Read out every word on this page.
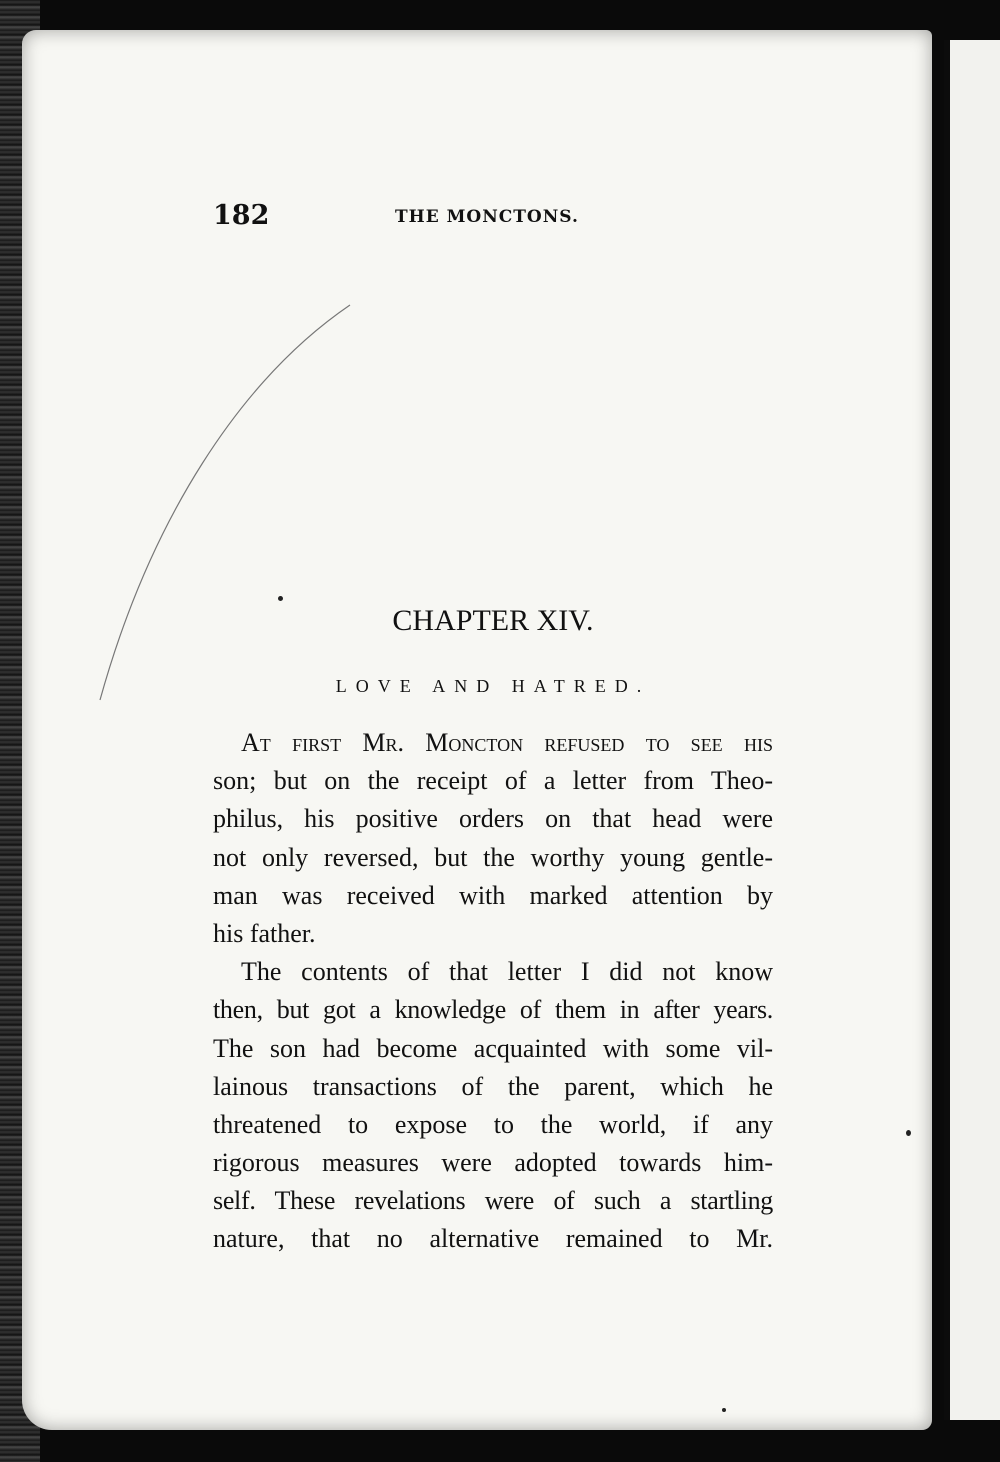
182	THE MONCTONS.
CHAPTER XIV.
LOVE AND HATRED.
At first Mr. Moncton refused to see his
son; but on the receipt of a letter from Theo-
philus, his positive orders on that head were
not only reversed, but the worthy young gentle-
man was received with marked attention by
his father.
The contents of that letter I did not know
then, but got a knowledge of them in after years.
The son had become acquainted with some vil-
lainous transactions of the parent, which he
threatened to expose to the world, if any
rigorous measures were adopted towards him-
self. These revelations were of such a startling
nature, that no alternative remained to Mr.
